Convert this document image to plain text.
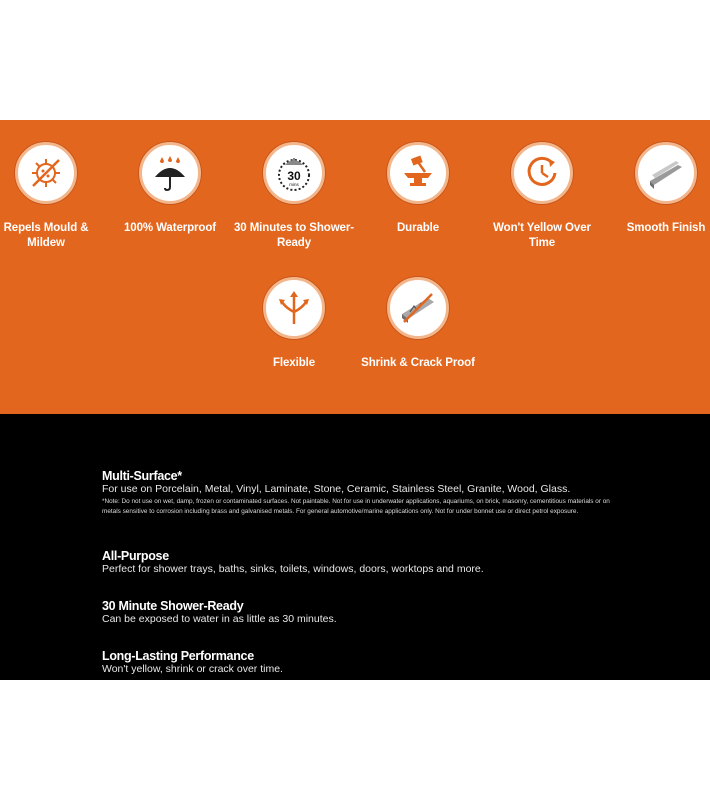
Repels Mould & Mildew
100% Waterproof
30
mins
30 Minutes to Shower-Ready
Durable	Won't Yellow Over Time
Smooth Finish
Flexible	Shrink & Crack Proof
Multi-Surface*
For use on Porcelain, Metal, Vinyl, Laminate, Stone, Ceramic, Stainless Steel, Granite, Wood, Glass.
*Note: Do not use on wet, damp, frozen or contaminated surfaces. Not paintable. Not for use in underwater applications, aquariums, on brick, masonry, cementitious materials or on metals sensitive to corrosion including brass and galvanised metals. For general automotive/marine applications only. Not for under bonnet use or direct petrol exposure.
All-Purpose
Perfect for shower trays, baths, sinks, toilets, windows, doors, worktops and more.
30 Minute Shower-Ready
Can be exposed to water in as little as 30 minutes.
Long-Lasting Performance
Won't yellow, shrink or crack over time.
